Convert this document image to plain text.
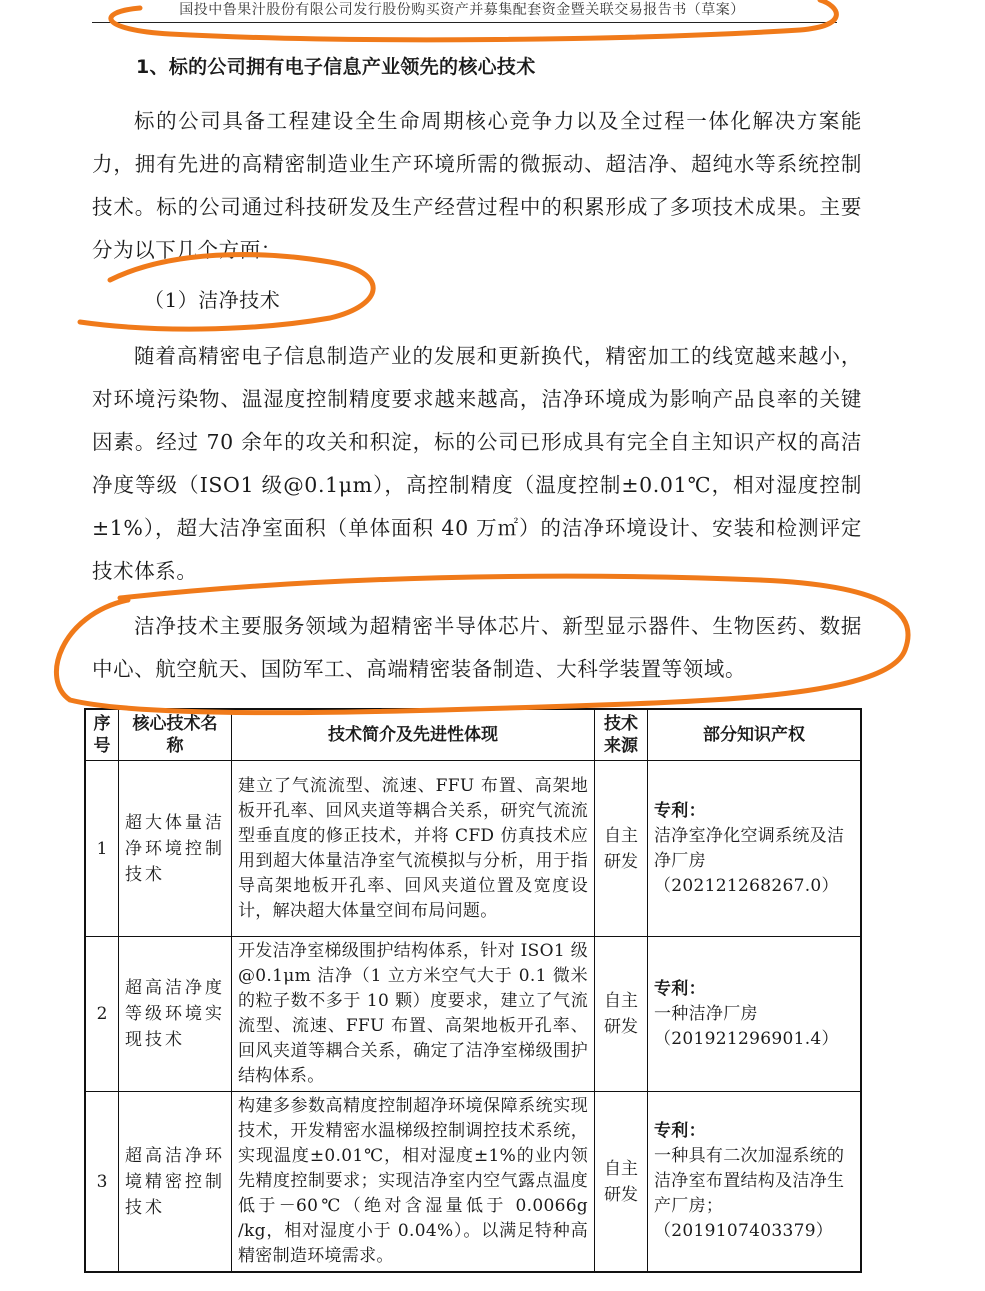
国投中鲁果汁股份有限公司发行股份购买资产并募集配套资金暨关联交易报告书（草案）
1、标的公司拥有电子信息产业领先的核心技术
标的公司具备工程建设全生命周期核心竞争力以及全过程一体化解决方案能力，拥有先进的高精密制造业生产环境所需的微振动、超洁净、超纯水等系统控制技术。标的公司通过科技研发及生产经营过程中的积累形成了多项技术成果。主要分为以下几个方面：
（1）洁净技术
随着高精密电子信息制造产业的发展和更新换代，精密加工的线宽越来越小，对环境污染物、温湿度控制精度要求越来越高，洁净环境成为影响产品良率的关键因素。经过 70 余年的攻关和积淀，标的公司已形成具有完全自主知识产权的高洁净度等级（ISO1 级@0.1μm），高控制精度（温度控制±0.01℃，相对湿度控制±1%），超大洁净室面积（单体面积 40 万㎡）的洁净环境设计、安装和检测评定技术体系。
洁净技术主要服务领域为超精密半导体芯片、新型显示器件、生物医药、数据中心、航空航天、国防军工、高端精密装备制造、大科学装置等领域。
序号	核心技术名称	技术简介及先进性体现	技术来源	部分知识产权
1	超大体量洁净环境控制技术	建立了气流流型、流速、FFU 布置、高架地板开孔率、回风夹道等耦合关系，研究气流流型垂直度的修正技术，并将 CFD 仿真技术应用到超大体量洁净室气流模拟与分析，用于指导高架地板开孔率、回风夹道位置及宽度设计，解决超大体量空间布局问题。	自主研发	专利：
洁净室净化空调系统及洁净厂房
（202121268267.0）

2	超高洁净度等级环境实现技术	开发洁净室梯级围护结构体系，针对 ISO1 级@0.1μm 洁净（1 立方米空气大于 0.1 微米的粒子数不多于 10 颗）度要求，建立了气流流型、流速、FFU 布置、高架地板开孔率、回风夹道等耦合关系，确定了洁净室梯级围护结构体系。	自主研发	专利：
一种洁净厂房
（201921296901.4）

3	超高洁净环境精密控制技术	构建多参数高精度控制超净环境保障系统实现技术，开发精密水温梯级控制调控技术系统，实现温度±0.01℃，相对湿度±1%的业内领先精度控制要求；实现洁净室内空气露点温度低于－60℃（绝对含湿量低于 0.0066g /kg，相对湿度小于 0.04%）。以满足特种高精密制造环境需求。	自主研发	专利：
一种具有二次加湿系统的洁净室布置结构及洁净生产厂房；
（2019107403379）
